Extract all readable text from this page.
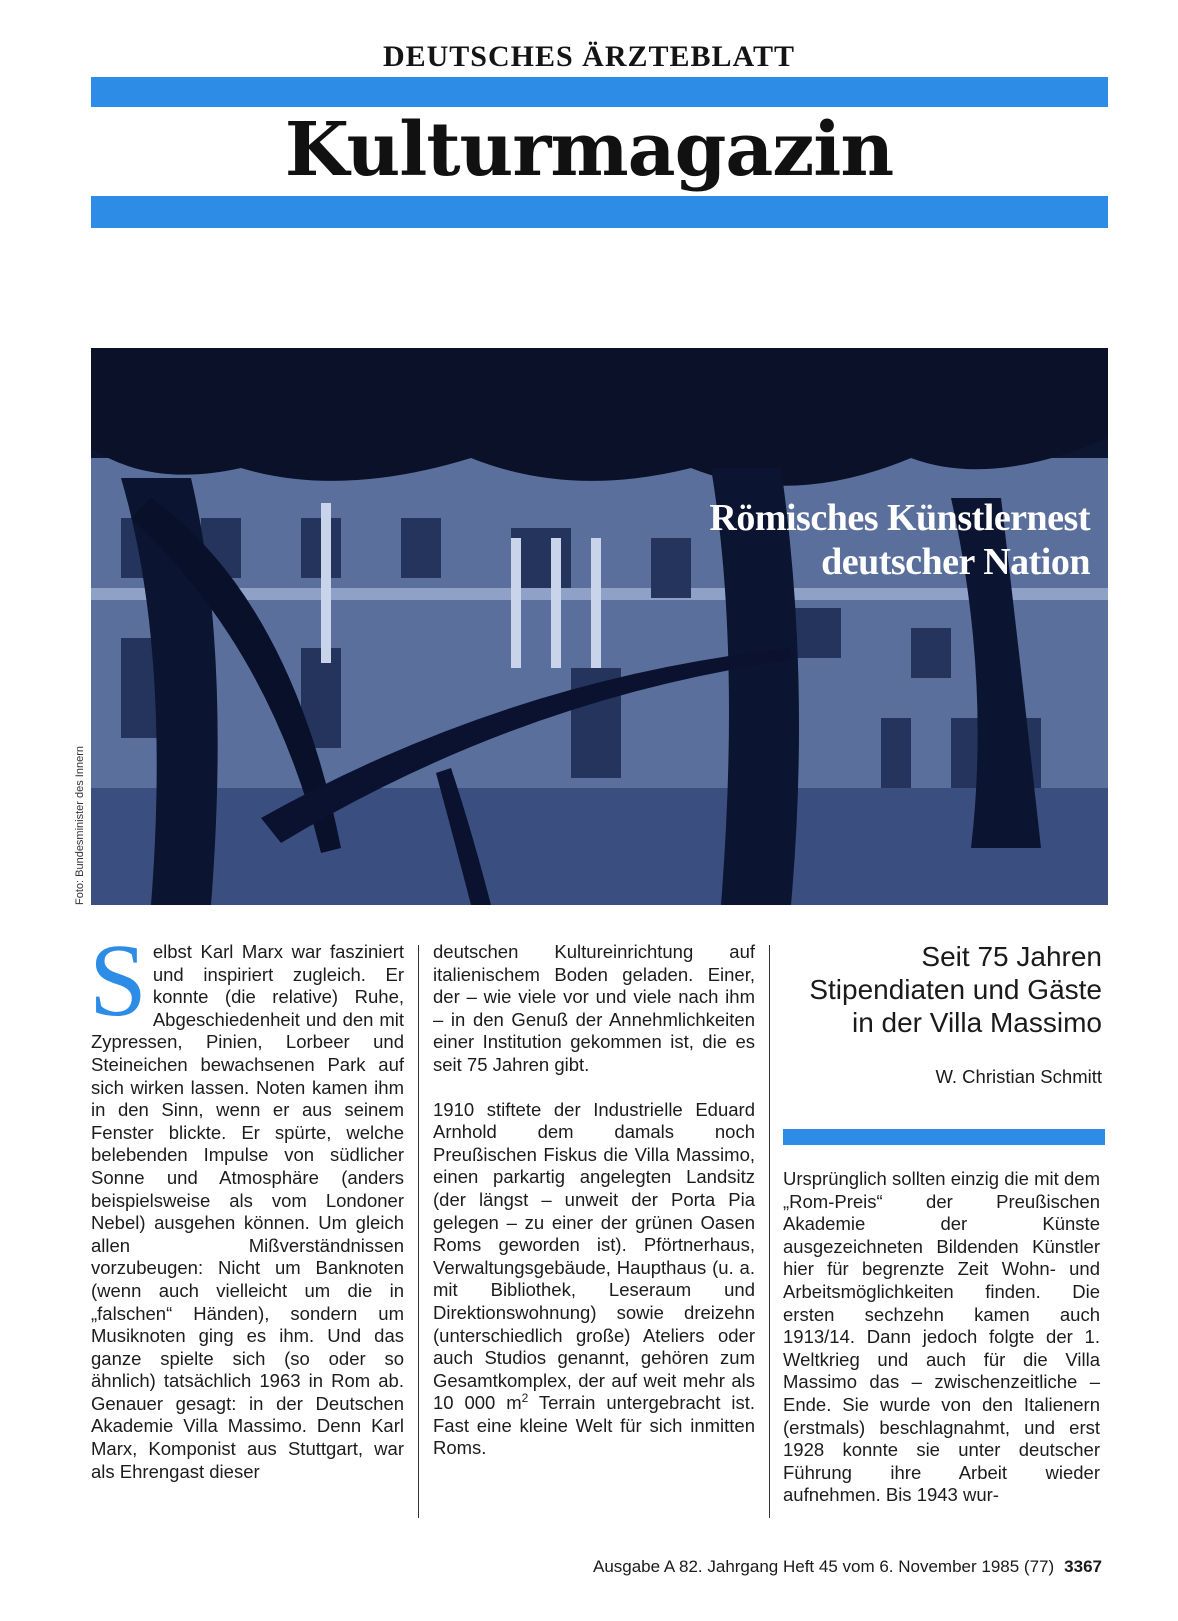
DEUTSCHES ÄRZTEBLATT
Kulturmagazin
Römisches Künstlernest
deutscher Nation
Foto: Bundesminister des Innern

Selbst Karl Marx war fasziniert und inspiriert zugleich. Er konnte (die relative) Ruhe, Abgeschiedenheit und den mit Zypressen, Pinien, Lorbeer und Steineichen bewachsenen Park auf sich wirken lassen. Noten kamen ihm in den Sinn, wenn er aus seinem Fenster blickte. Er spürte, welche belebenden Impulse von südlicher Sonne und Atmosphäre (anders beispielsweise als vom Londoner Nebel) ausgehen können. Um gleich allen Mißverständnissen vorzubeugen: Nicht um Banknoten (wenn auch vielleicht um die in „falschen“ Händen), sondern um Musiknoten ging es ihm. Und das ganze spielte sich (so oder so ähnlich) tatsächlich 1963 in Rom ab. Genauer gesagt: in der Deutschen Akademie Villa Massimo. Denn Karl Marx, Komponist aus Stuttgart, war als Ehrengast dieser

deutschen Kultureinrichtung auf italienischem Boden geladen. Einer, der – wie viele vor und viele nach ihm – in den Genuß der Annehmlichkeiten einer Institution gekommen ist, die es seit 75 Jahren gibt.

1910 stiftete der Industrielle Eduard Arnhold dem damals noch Preußischen Fiskus die Villa Massimo, einen parkartig angelegten Landsitz (der längst – unweit der Porta Pia gelegen – zu einer der grünen Oasen Roms geworden ist). Pförtnerhaus, Verwaltungsgebäude, Haupthaus (u. a. mit Bibliothek, Leseraum und Direktionswohnung) sowie dreizehn (unterschiedlich große) Ateliers oder auch Studios genannt, gehören zum Gesamtkomplex, der auf weit mehr als 10 000 $m^2$ Terrain untergebracht ist. Fast eine kleine Welt für sich inmitten Roms.

Seit 75 Jahren
Stipendiaten und Gäste
in der Villa Massimo
W. Christian Schmitt

Ursprünglich sollten einzig die mit dem „Rom-Preis“ der Preußischen Akademie der Künste ausgezeichneten Bildenden Künstler hier für begrenzte Zeit Wohn- und Arbeitsmöglichkeiten finden. Die ersten sechzehn kamen auch 1913/14. Dann jedoch folgte der 1. Weltkrieg und auch für die Villa Massimo das – zwischenzeitliche – Ende. Sie wurde von den Italienern (erstmals) beschlagnahmt, und erst 1928 konnte sie unter deutscher Führung ihre Arbeit wieder aufnehmen. Bis 1943 wur-

Ausgabe A 82. Jahrgang Heft 45 vom 6. November 1985 (77) 3367
